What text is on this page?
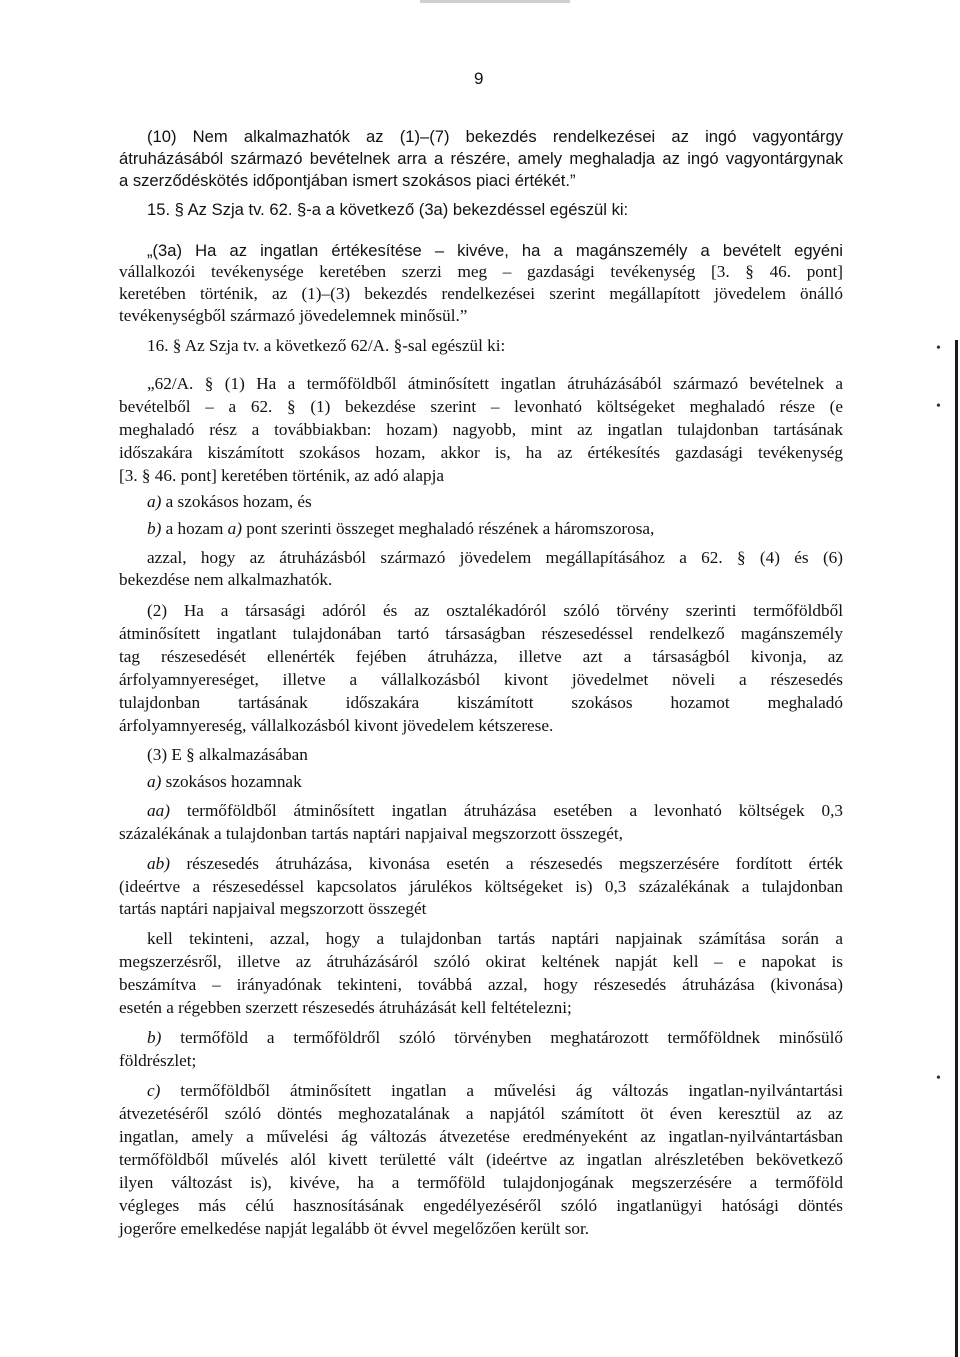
9
•
•
•
(10) Nem alkalmazhatók az (1)–(7) bekezdés rendelkezései az ingó vagyontárgy
átruházásából származó bevételnek arra a részére, amely meghaladja az ingó vagyontárgynak
a szerződéskötés időpontjában ismert szokásos piaci értékét.”
15. § Az Szja tv. 62. §-a a következő (3a) bekezdéssel egészül ki:
„(3a) Ha az ingatlan értékesítése – kivéve, ha a magánszemély a bevételt egyéni
vállalkozói tevékenysége keretében szerzi meg – gazdasági tevékenység [3. § 46. pont]
keretében történik, az (1)–(3) bekezdés rendelkezései szerint megállapított jövedelem önálló
tevékenységből származó jövedelemnek minősül.”
16. § Az Szja tv. a következő 62/A. §-sal egészül ki:
„62/A. § (1) Ha a termőföldből átminősített ingatlan átruházásából származó bevételnek a
bevételből – a 62. § (1) bekezdése szerint – levonható költségeket meghaladó része (e
meghaladó rész a továbbiakban: hozam) nagyobb, mint az ingatlan tulajdonban tartásának
időszakára kiszámított szokásos hozam, akkor is, ha az értékesítés gazdasági tevékenység
[3. § 46. pont] keretében történik, az adó alapja
a) a szokásos hozam, és
b) a hozam a) pont szerinti összeget meghaladó részének a háromszorosa,
azzal, hogy az átruházásból származó jövedelem megállapításához a 62. § (4) és (6)
bekezdése nem alkalmazhatók.
(2) Ha a társasági adóról és az osztalékadóról szóló törvény szerinti termőföldből
átminősített ingatlant tulajdonában tartó társaságban részesedéssel rendelkező magánszemély
tag részesedését ellenérték fejében átruházza, illetve azt a társaságból kivonja, az
árfolyamnyereséget, illetve a vállalkozásból kivont jövedelmet növeli a részesedés
tulajdonban tartásának időszakára kiszámított szokásos hozamot meghaladó
árfolyamnyereség, vállalkozásból kivont jövedelem kétszerese.
(3) E § alkalmazásában
a) szokásos hozamnak
aa) termőföldből átminősített ingatlan átruházása esetében a levonható költségek 0,3
százalékának a tulajdonban tartás naptári napjaival megszorzott összegét,
ab) részesedés átruházása, kivonása esetén a részesedés megszerzésére fordított érték
(ideértve a részesedéssel kapcsolatos járulékos költségeket is) 0,3 százalékának a tulajdonban
tartás naptári napjaival megszorzott összegét
kell tekinteni, azzal, hogy a tulajdonban tartás naptári napjainak számítása során a
megszerzésről, illetve az átruházásáról szóló okirat keltének napját kell – e napokat is
beszámítva – irányadónak tekinteni, továbbá azzal, hogy részesedés átruházása (kivonása)
esetén a régebben szerzett részesedés átruházását kell feltételezni;
b) termőföld a termőföldről szóló törvényben meghatározott termőföldnek minősülő
földrészlet;
c) termőföldből átminősített ingatlan a művelési ág változás ingatlan-nyilvántartási
átvezetéséről szóló döntés meghozatalának a napjától számított öt éven keresztül az az
ingatlan, amely a művelési ág változás átvezetése eredményeként az ingatlan-nyilvántartásban
termőföldből művelés alól kivett területté vált (ideértve az ingatlan alrészletében bekövetkező
ilyen változást is), kivéve, ha a termőföld tulajdonjogának megszerzésére a termőföld
végleges más célú hasznosításának engedélyezéséről szóló ingatlanügyi hatósági döntés
jogerőre emelkedése napját legalább öt évvel megelőzően került sor.
